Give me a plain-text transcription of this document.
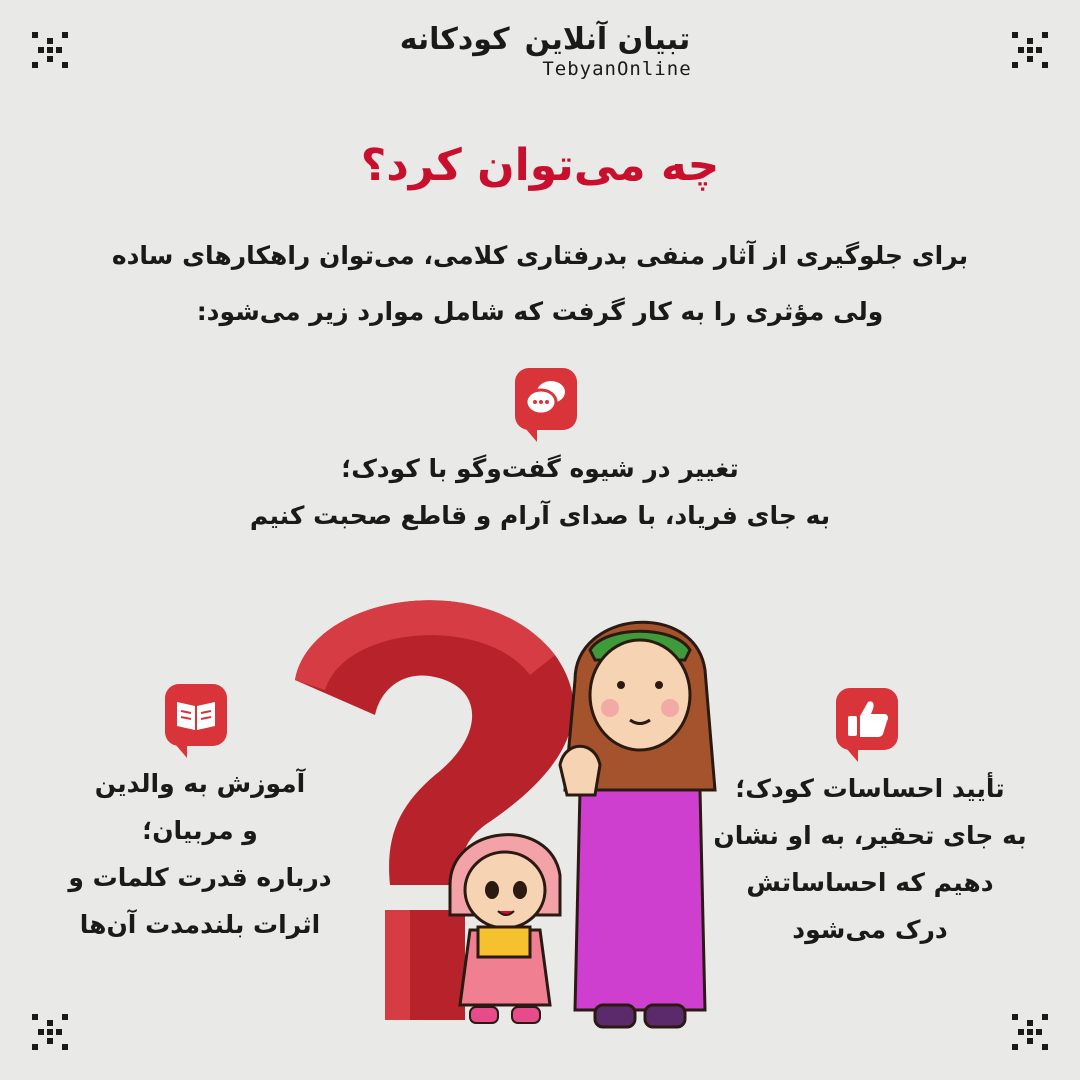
تبیان آنلاین کودکانه
TebyanOnline
چه می‌توان کرد؟
برای جلوگیری از آثار منفی بدرفتاری کلامی، می‌توان راهکارهای ساده
ولی مؤثری را به کار گرفت که شامل موارد زیر می‌شود:
تغییر در شیوه گفت‌وگو با کودک؛
به جای فریاد، با صدای آرام و قاطع صحبت کنیم
آموزش به والدین
و مربیان؛
درباره قدرت کلمات و
اثرات بلندمدت آن‌ها
تأیید احساسات کودک؛
به جای تحقیر، به او نشان
دهیم که احساساتش
درک می‌شود
